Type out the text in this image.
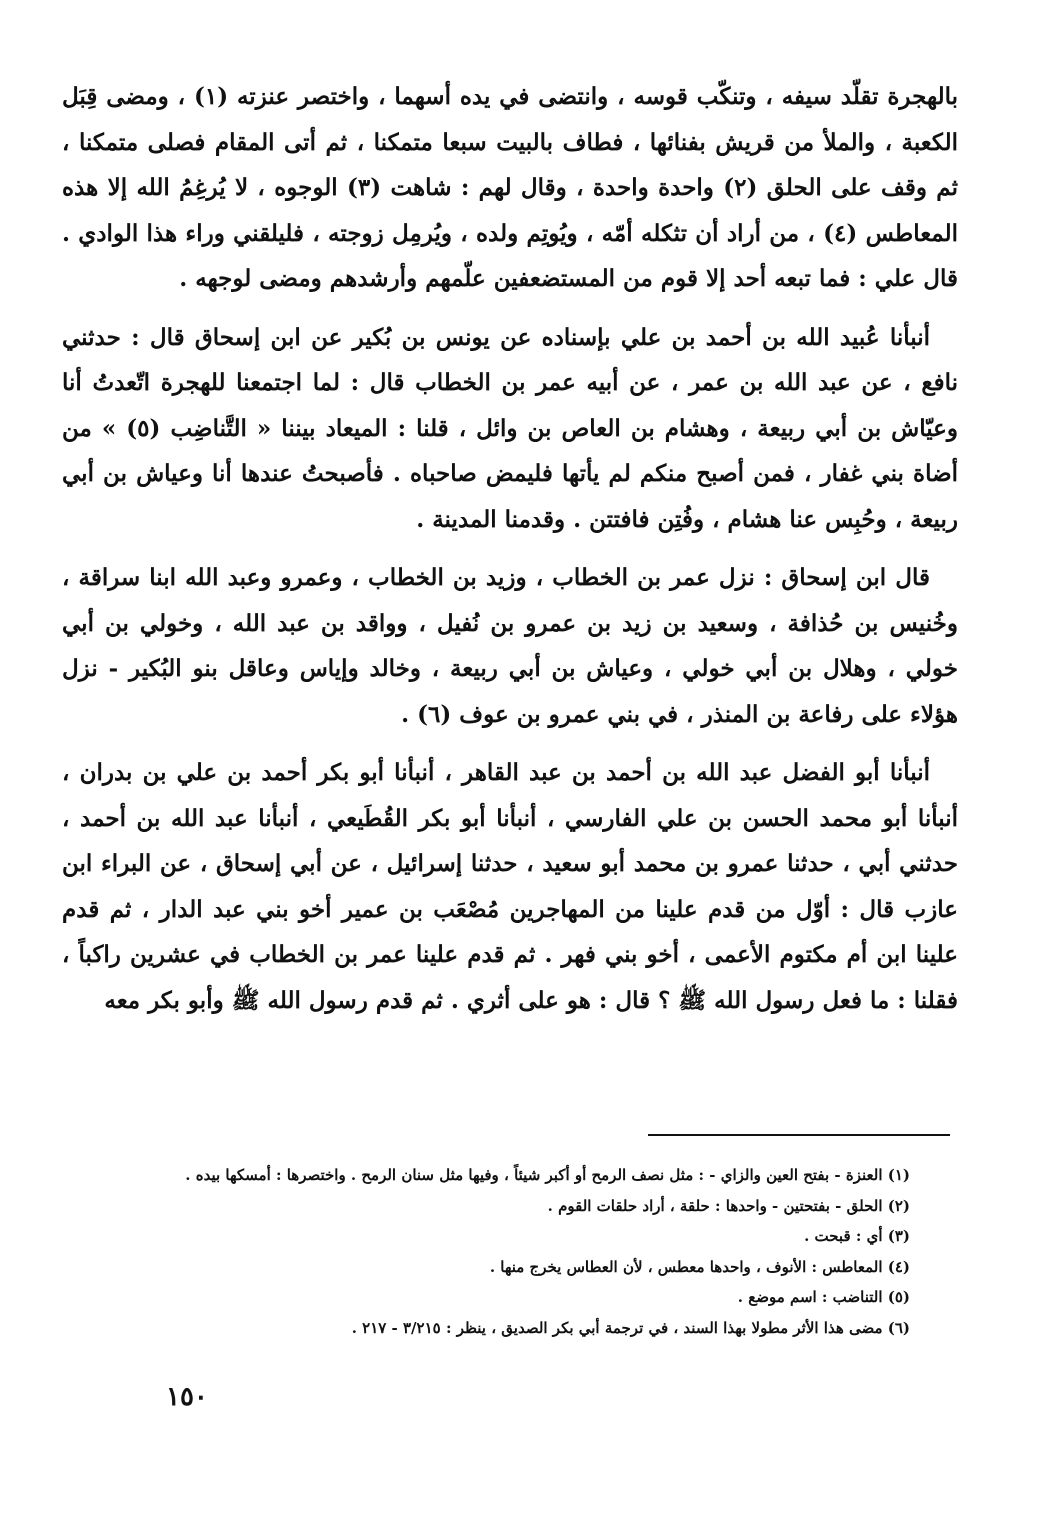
بالهجرة تقلّد سيفه ، وتنكّب قوسه ، وانتضى في يده أسهما ، واختصر عنزته (١) ، ومضى قِبَل الكعبة ، والملأ من قريش بفنائها ، فطاف بالبيت سبعا متمكنا ، ثم أتى المقام فصلى متمكنا ، ثم وقف على الحلق (٢) واحدة واحدة ، وقال لهم : شاهت (٣) الوجوه ، لا يُرغِمُ الله إلا هذه المعاطس (٤) ، من أراد أن تثكله أمّه ، ويُوتِم ولده ، ويُرمِل زوجته ، فليلقني وراء هذا الوادي . قال علي : فما تبعه أحد إلا قوم من المستضعفين علّمهم وأرشدهم ومضى لوجهه .

أنبأنا عُبيد الله بن أحمد بن علي بإسناده عن يونس بن بُكير عن ابن إسحاق قال : حدثني نافع ، عن عبد الله بن عمر ، عن أبيه عمر بن الخطاب قال : لما اجتمعنا للهجرة اتّعدتُ أنا وعيّاش بن أبي ربيعة ، وهشام بن العاص بن وائل ، قلنا : الميعاد بيننا « التَّناضِب (٥) » من أضاة بني غفار ، فمن أصبح منكم لم يأتها فليمض صاحباه . فأصبحتُ عندها أنا وعياش بن أبي ربيعة ، وحُبِس عنا هشام ، وفُتِن فافتتن . وقدمنا المدينة .

قال ابن إسحاق : نزل عمر بن الخطاب ، وزيد بن الخطاب ، وعمرو وعبد الله ابنا سراقة ، وخُنيس بن حُذافة ، وسعيد بن زيد بن عمرو بن نُفيل ، وواقد بن عبد الله ، وخولي بن أبي خولي ، وهلال بن أبي خولي ، وعياش بن أبي ربيعة ، وخالد وإياس وعاقل بنو البُكير - نزل هؤلاء على رفاعة بن المنذر ، في بني عمرو بن عوف (٦) .

أنبأنا أبو الفضل عبد الله بن أحمد بن عبد القاهر ، أنبأنا أبو بكر أحمد بن علي بن بدران ، أنبأنا أبو محمد الحسن بن علي الفارسي ، أنبأنا أبو بكر القُطَيعي ، أنبأنا عبد الله بن أحمد ، حدثني أبي ، حدثنا عمرو بن محمد أبو سعيد ، حدثنا إسرائيل ، عن أبي إسحاق ، عن البراء ابن عازب قال : أوّل من قدم علينا من المهاجرين مُصْعَب بن عمير أخو بني عبد الدار ، ثم قدم علينا ابن أم مكتوم الأعمى ، أخو بني فهر . ثم قدم علينا عمر بن الخطاب في عشرين راكباً ، فقلنا : ما فعل رسول الله ﷺ ؟ قال : هو على أثري . ثم قدم رسول الله ﷺ وأبو بكر معه

(١) العنزة - بفتح العين والزاي - : مثل نصف الرمح أو أكبر شيئاً ، وفيها مثل سنان الرمح . واختصرها : أمسكها بيده .

(٢) الحلق - بفتحتين - واحدها : حلقة ، أراد حلقات القوم .

(٣) أي : قبحت .

(٤) المعاطس : الأنوف ، واحدها معطس ، لأن العطاس يخرج منها .

(٥) التناضب : اسم موضع .

(٦) مضى هذا الأثر مطولا بهذا السند ، في ترجمة أبي بكر الصديق ، ينظر : ٣/٢١٥ - ٢١٧ .

١٥٠
